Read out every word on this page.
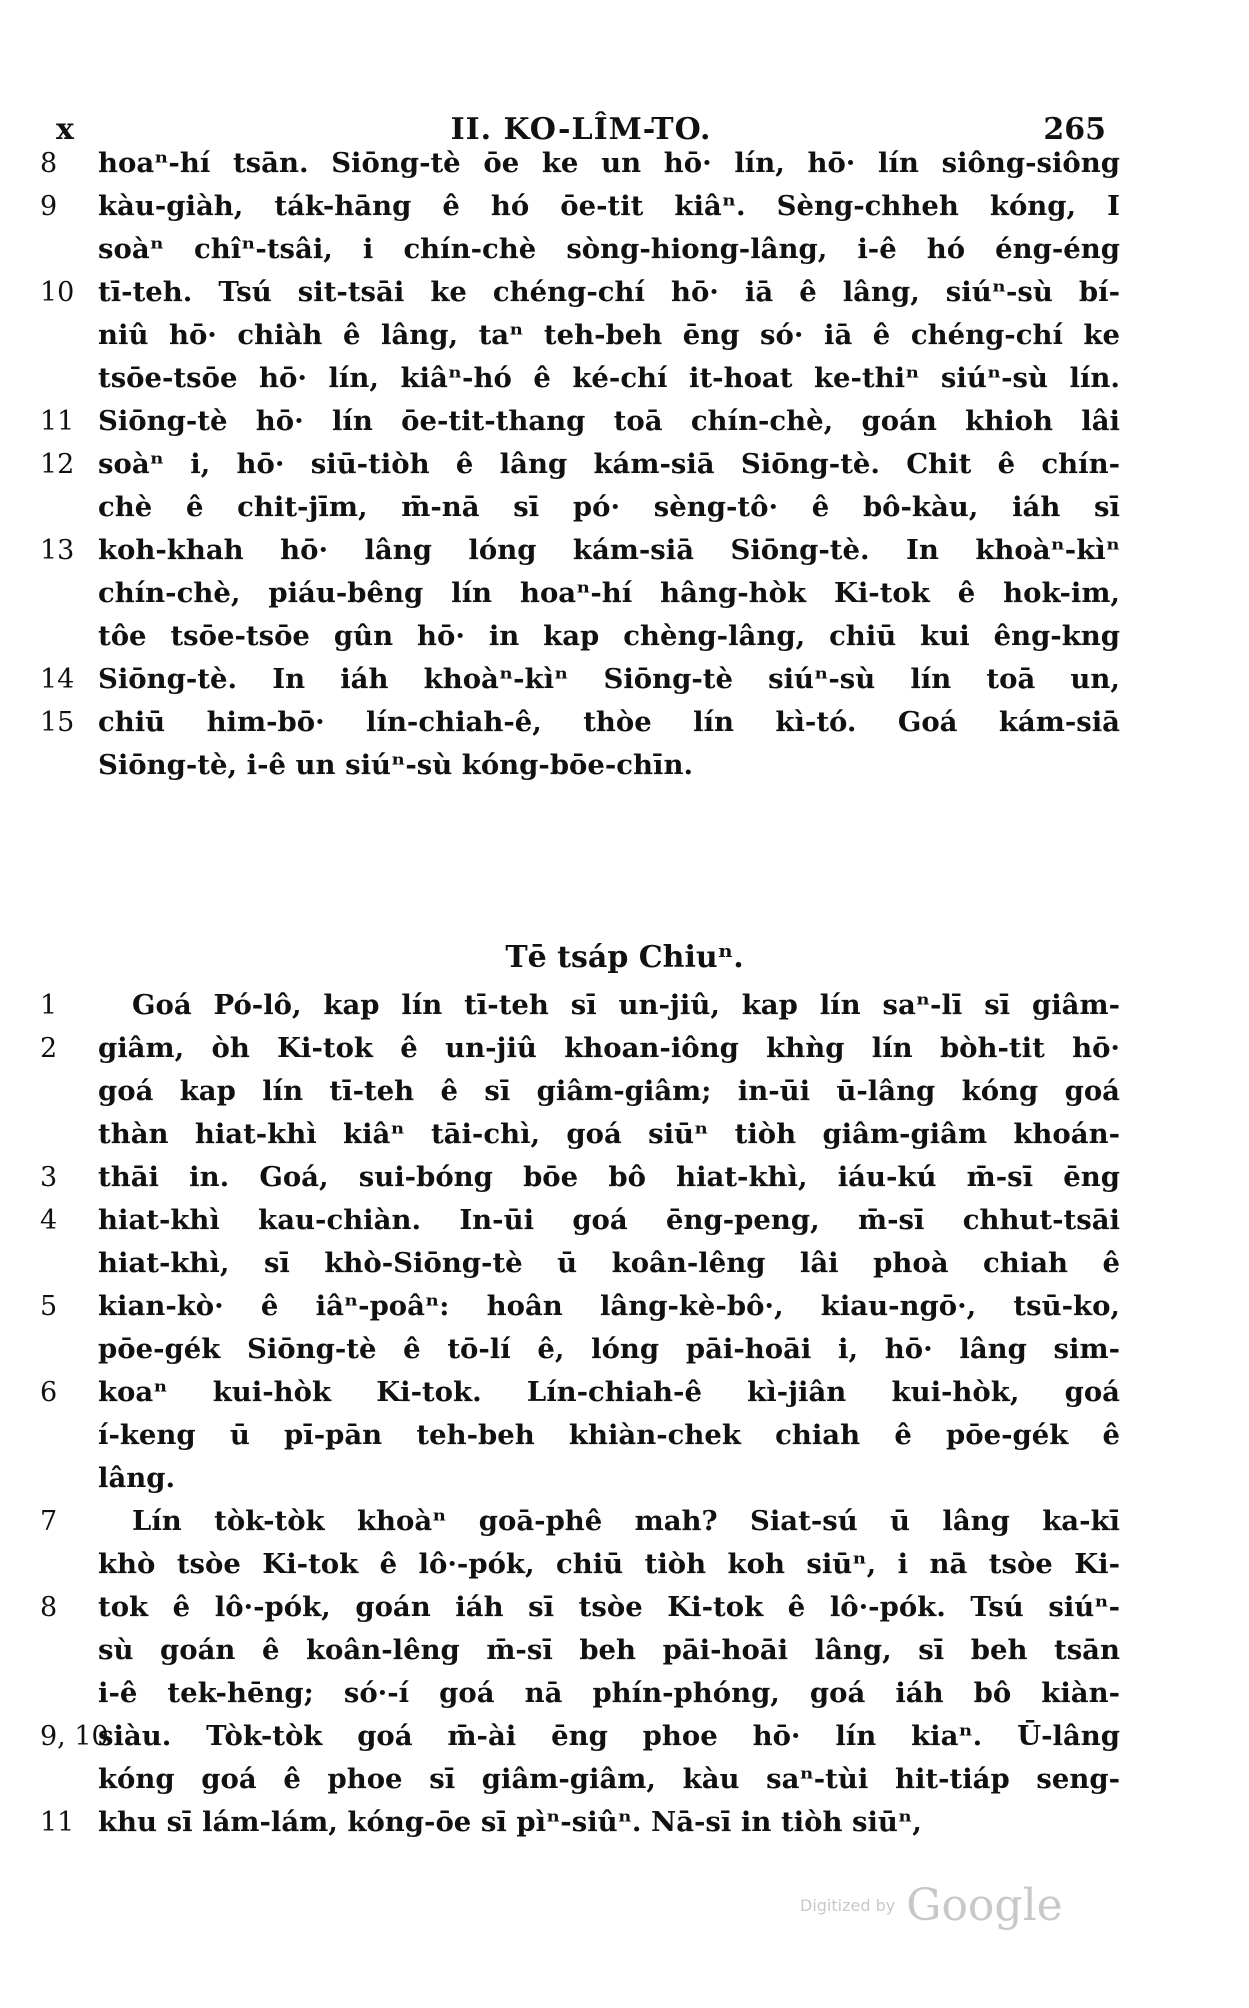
x	II. KO-LÎM-TO.	265
8	hoaⁿ-hí tsān. Siōng-tè ōe ke un hō· lín, hō· lín siông-siông
9	kàu-giàh, ták-hāng ê hó ōe-tit kiâⁿ. Sèng-chheh kóng, I
soàⁿ chîⁿ-tsâi, i chín-chè sòng-hiong-lâng, i-ê hó éng-éng
10 tī-teh. Tsú sit-tsāi ke chéng-chí hō· iā ê lâng, siúⁿ-sù bí-
niû hō· chiàh ê lâng, taⁿ teh-beh ēng só· iā ê chéng-chí ke
tsōe-tsōe hō· lín, kiâⁿ-hó ê ké-chí it-hoat ke-thiⁿ siúⁿ-sù lín.
11 Siōng-tè hō· lín ōe-tit-thang toā chín-chè, goán khioh lâi
12 soàⁿ i, hō· siū-tiòh ê lâng kám-siā Siōng-tè. Chit ê chín-
chè ê chit-jīm, m̄-nā sī pó· sèng-tô· ê bô-kàu, iáh sī
13 koh-khah hō· lâng lóng kám-siā Siōng-tè. In khoàⁿ-kìⁿ
chín-chè, piáu-bêng lín hoaⁿ-hí hâng-hòk Ki-tok ê hok-im,
tôe tsōe-tsōe gûn hō· in kap chèng-lâng, chiū kui êng-kng
14 Siōng-tè. In iáh khoàⁿ-kìⁿ Siōng-tè siúⁿ-sù lín toā un,
15 chiū him-bō· lín-chiah-ê, thòe lín kì-tó. Goá kám-siā
Siōng-tè, i-ê un siúⁿ-sù kóng-bōe-chīn.
Tē tsáp Chiuⁿ.
1	Goá Pó-lô, kap lín tī-teh sī un-jiû, kap lín saⁿ-lī sī giâm-
2	giâm, òh Ki-tok ê un-jiû khoan-iông khǹg lín bòh-tit hō·
goá kap lín tī-teh ê sī giâm-giâm; in-ūi ū-lâng kóng goá
thàn hiat-khì kiâⁿ tāi-chì, goá siūⁿ tiòh giâm-giâm khoán-
3	thāi in. Goá, sui-bóng bōe bô hiat-khì, iáu-kú m̄-sī ēng
4	hiat-khì kau-chiàn. In-ūi goá ēng-peng, m̄-sī chhut-tsāi
hiat-khì, sī khò-Siōng-tè ū koân-lêng lâi phoà chiah ê
5	kian-kò· ê iâⁿ-poâⁿ: hoân lâng-kè-bô·, kiau-ngō·, tsū-ko,
pōe-gék Siōng-tè ê tō-lí ê, lóng pāi-hoāi i, hō· lâng sim-
6	koaⁿ kui-hòk Ki-tok. Lín-chiah-ê kì-jiân kui-hòk, goá
í-keng ū pī-pān teh-beh khiàn-chek chiah ê pōe-gék ê
lâng.
7	Lín tòk-tòk khoàⁿ goā-phê mah? Siat-sú ū lâng ka-kī
khò tsòe Ki-tok ê lô·-pók, chiū tiòh koh siūⁿ, i nā tsòe Ki-
8	tok ê lô·-pók, goán iáh sī tsòe Ki-tok ê lô·-pók. Tsú siúⁿ-
sù goán ê koân-lêng m̄-sī beh pāi-hoāi lâng, sī beh tsān
i-ê tek-hēng; só·-í goá nā phín-phóng, goá iáh bô kiàn-
9, 10
siàu. Tòk-tòk goá m̄-ài ēng phoe hō· lín kiaⁿ. Ū-lâng
kóng goá ê phoe sī giâm-giâm, kàu saⁿ-tùi hit-tiáp seng-
11 khu sī lám-lám, kóng-ōe sī pìⁿ-siûⁿ. Nā-sī in tiòh siūⁿ,
Digitized by Google
